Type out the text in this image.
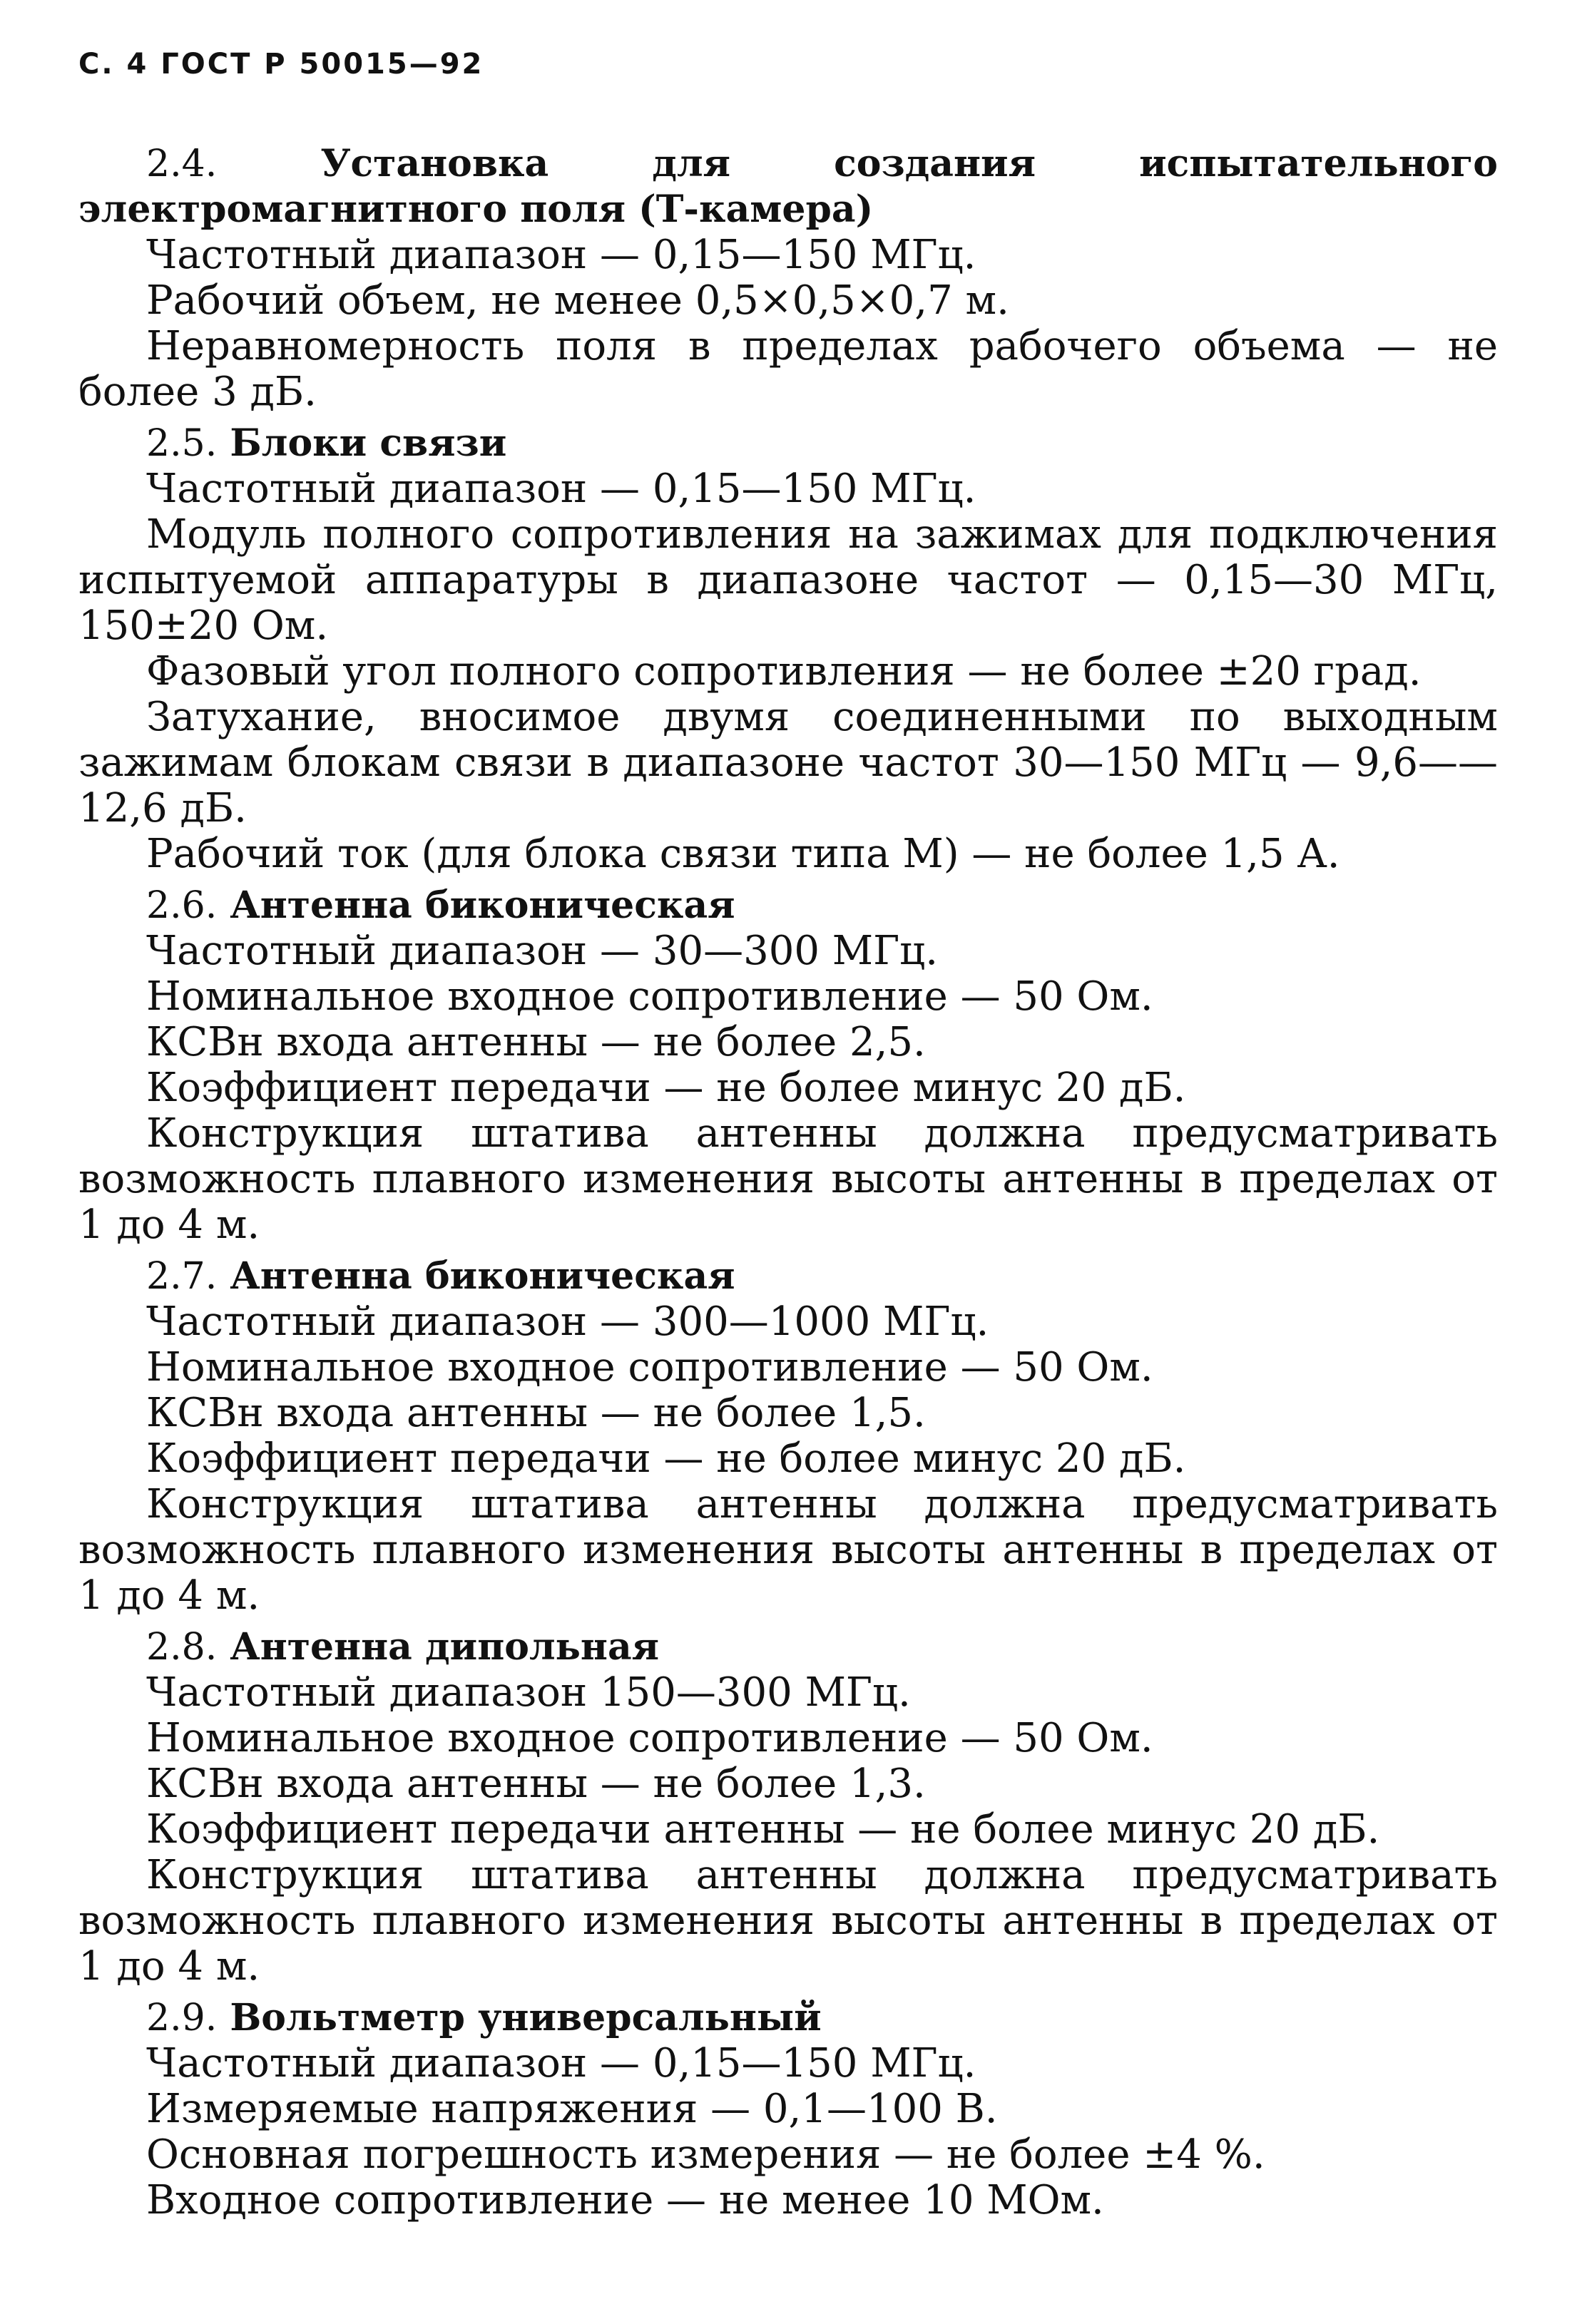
С. 4 ГОСТ Р 50015—92

2.4.	Установка для создания испытательного электромагнитного поля (Т-камера)

Частотный диапазон — 0,15—150 МГц.

Рабочий объем, не менее 0,5×0,5×0,7 м.

Неравномерность поля в пределах рабочего объема — не более 3 дБ.

2.5. Блоки связи

Частотный диапазон — 0,15—150 МГц.

Модуль полного сопротивления на зажимах для подключения испытуемой аппаратуры в диапазоне частот — 0,15—30 МГц, 150±20 Ом.

Фазовый угол полного сопротивления — не более ±20 град.

Затухание, вносимое двумя соединенными по выходным зажимам блокам связи в диапазоне частот 30—150 МГц — 9,6——12,6 дБ.

Рабочий ток (для блока связи типа М) — не более 1,5 А.

2.6. Антенна биконическая

Частотный диапазон — 30—300 МГц.

Номинальное входное сопротивление — 50 Ом.

КСВн входа антенны — не более 2,5.

Коэффициент передачи — не более минус 20 дБ.

Конструкция штатива антенны должна предусматривать возможность плавного изменения высоты антенны в пределах от 1 до 4 м.

2.7. Антенна биконическая

Частотный диапазон — 300—1000 МГц.

Номинальное входное сопротивление — 50 Ом.

КСВн входа антенны — не более 1,5.

Коэффициент передачи — не более минус 20 дБ.

Конструкция штатива антенны должна предусматривать возможность плавного изменения высоты антенны в пределах от 1 до 4 м.

2.8. Антенна дипольная

Частотный диапазон 150—300 МГц.

Номинальное входное сопротивление — 50 Ом.

КСВн входа антенны — не более 1,3.

Коэффициент передачи антенны — не более минус 20 дБ.

Конструкция штатива антенны должна предусматривать возможность плавного изменения высоты антенны в пределах от 1 до 4 м.

2.9. Вольтметр универсальный

Частотный диапазон — 0,15—150 МГц.

Измеряемые напряжения — 0,1—100 В.

Основная погрешность измерения — не более ±4 %.

Входное сопротивление — не менее 10 МОм.
